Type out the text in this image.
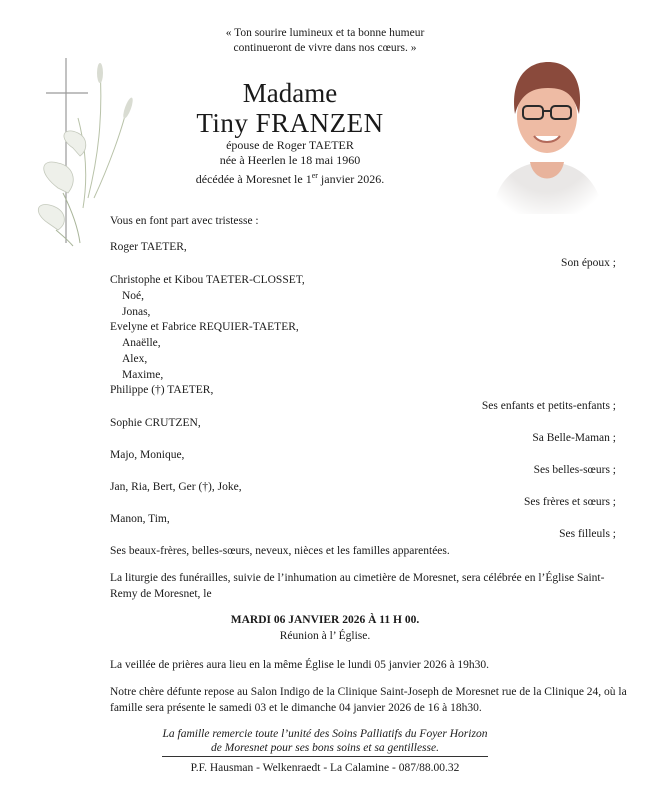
« Ton sourire lumineux et ta bonne humeur
continueront de vivre dans nos cœurs. »
Madame
Tiny FRANZEN
épouse de Roger TAETER
née à Heerlen le 18 mai 1960
décédée à Moresnet le 1er janvier 2026.
Vous en font part avec tristesse :
Roger TAETER,
Son époux ;
Christophe et Kibou TAETER-CLOSSET,
Noé,
Jonas,
Evelyne et Fabrice REQUIER-TAETER,
Anaëlle,
Alex,
Maxime,
Philippe (†) TAETER,
Ses enfants et petits-enfants ;
Sophie CRUTZEN,
Sa Belle-Maman ;
Majo, Monique,
Ses belles-sœurs ;
Jan, Ria, Bert, Ger (†), Joke,
Ses frères et sœurs ;
Manon, Tim,
Ses filleuls ;
Ses beaux-frères, belles-sœurs, neveux, nièces et les familles apparentées.
La liturgie des funérailles, suivie de l’inhumation au cimetière de Moresnet, sera célébrée en l’Église Saint-Remy de Moresnet, le
MARDI 06 JANVIER 2026 À 11 H 00.
Réunion à l’ Église.
La veillée de prières aura lieu en la même Église le lundi 05 janvier 2026 à 19h30.
Notre chère défunte repose au Salon Indigo de la Clinique Saint-Joseph de Moresnet rue de la Clinique 24, où la famille sera présente le samedi 03 et le dimanche 04 janvier 2026 de 16 à 18h30.
La famille remercie toute l’unité des Soins Palliatifs du Foyer Horizon
de Moresnet pour ses bons soins et sa gentillesse.
P.F. Hausman - Welkenraedt - La Calamine - 087/88.00.32
